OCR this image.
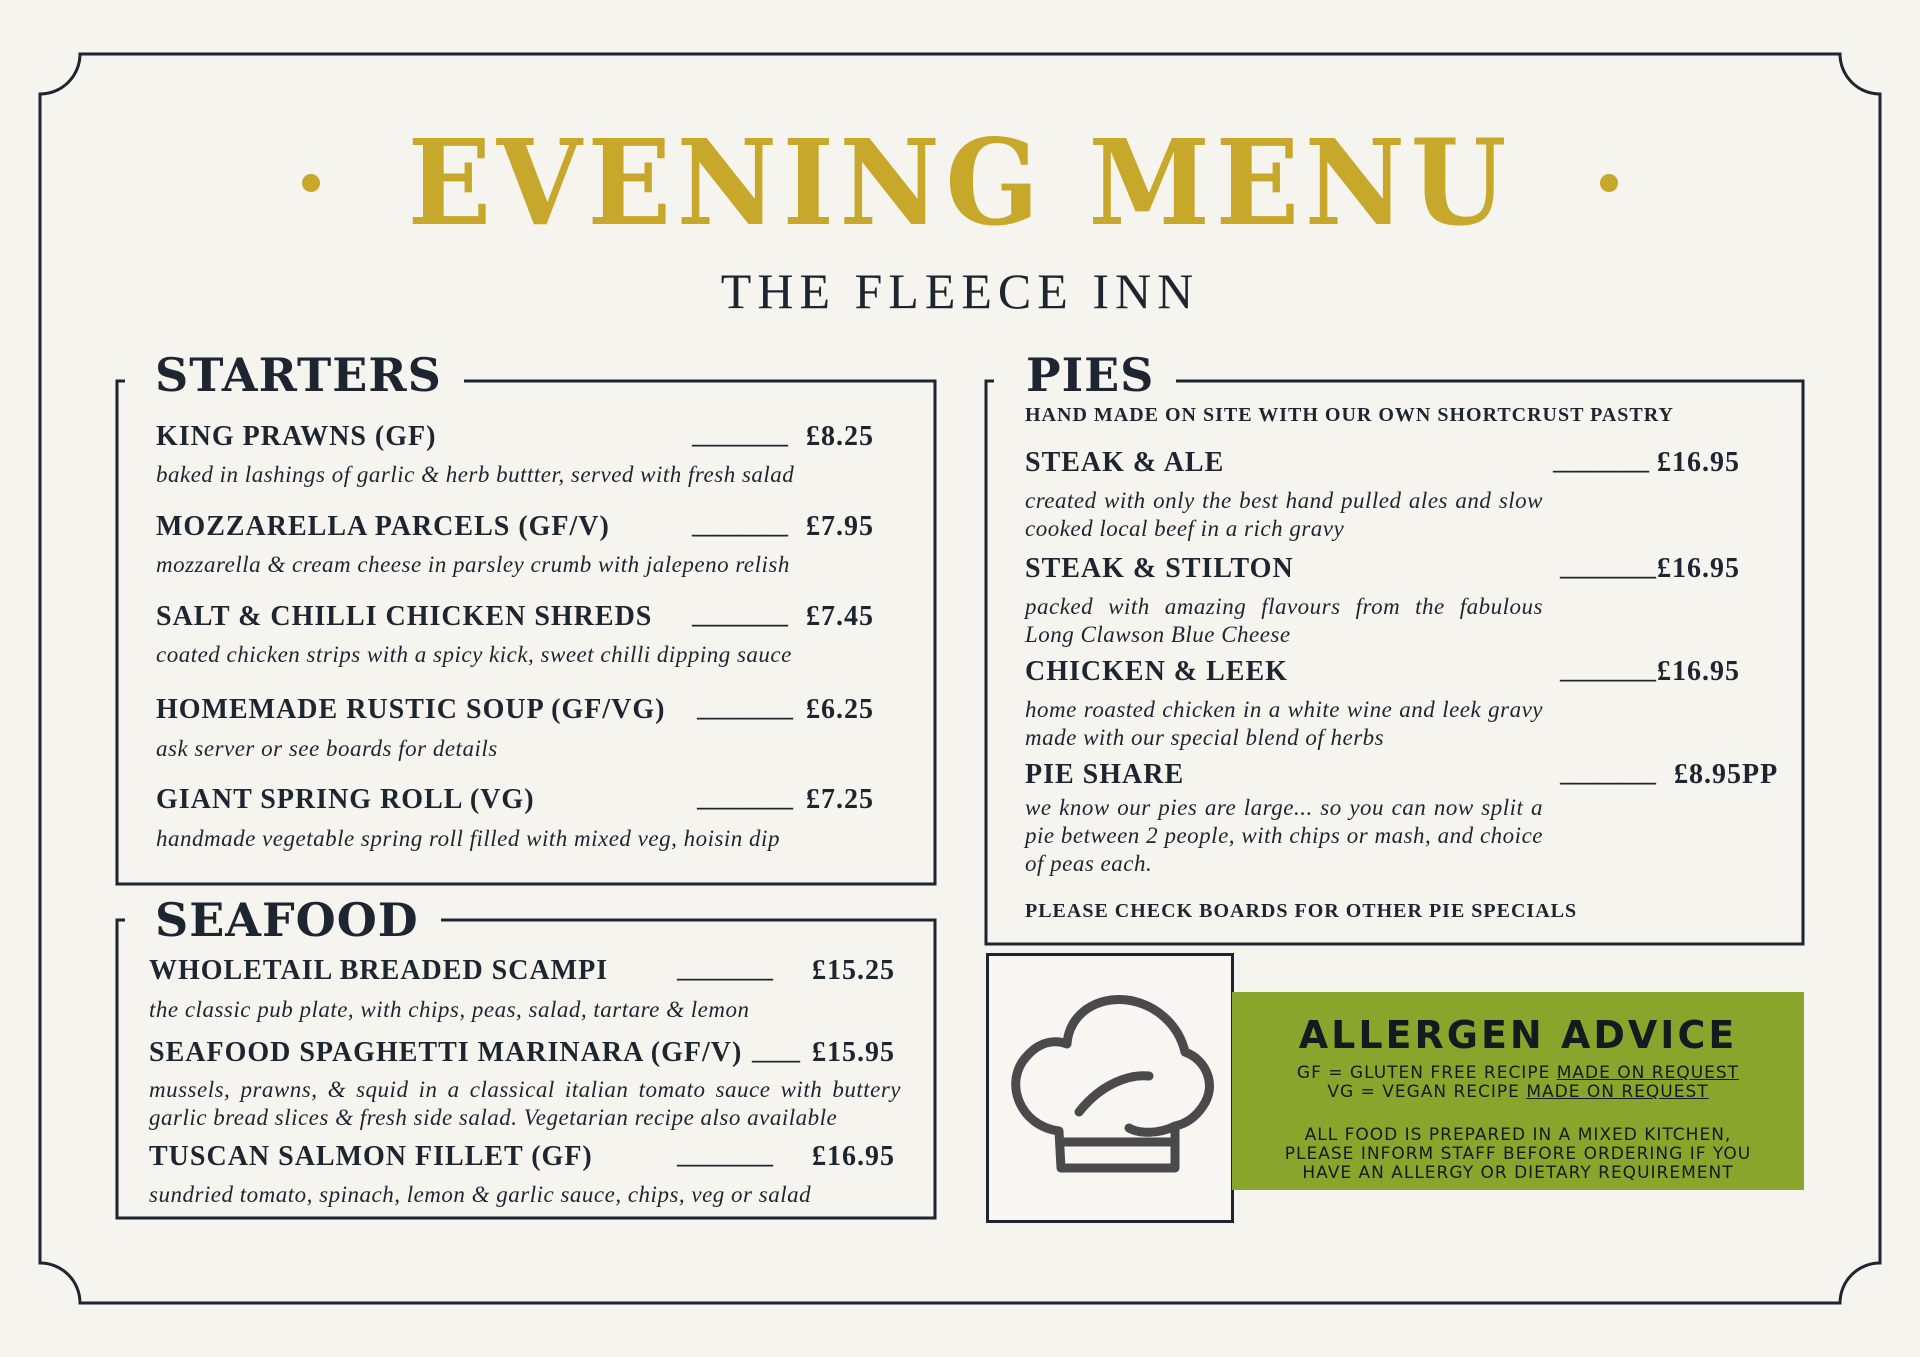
EVENING MENU
THE FLEECE INN
STARTERS
KING PRAWNS (GF)	________ £8.25
baked in lashings of garlic & herb buttter, served with fresh salad
MOZZARELLA PARCELS (GF/V)	________ £7.95
mozzarella & cream cheese in parsley crumb with jalepeno relish
SALT & CHILLI CHICKEN SHREDS ________ £7.45
coated chicken strips with a spicy kick, sweet chilli dipping sauce
HOMEMADE RUSTIC SOUP (GF/VG) ________ £6.25
ask server or see boards for details
GIANT SPRING ROLL (VG)	________ £7.25
handmade vegetable spring roll filled with mixed veg, hoisin dip
SEAFOOD
WHOLETAIL BREADED SCAMPI	________ £15.25
the classic pub plate, with chips, peas, salad, tartare & lemon
SEAFOOD SPAGHETTI MARINARA (GF/V) ____ £15.95
mussels, prawns, & squid in a classical italian tomato sauce with buttery garlic bread slices & fresh side salad. Vegetarian recipe also available
TUSCAN SALMON FILLET (GF)	________ £16.95
sundried tomato, spinach, lemon & garlic sauce, chips, veg or salad
PIES
HAND MADE ON SITE WITH OUR OWN SHORTCRUST PASTRY
STEAK & ALE	________ £16.95
created with only the best hand pulled ales and slow cooked local beef in a rich gravy
STEAK & STILTON	________ £16.95
packed with amazing flavours from the fabulous Long Clawson Blue Cheese
CHICKEN & LEEK	________ £16.95
home roasted chicken in a white wine and leek gravy made with our special blend of herbs
PIE SHARE	________ £8.95PP
we know our pies are large... so you can now split a pie between 2 people, with chips or mash, and choice of peas each.
PLEASE CHECK BOARDS FOR OTHER PIE SPECIALS
ALLERGEN ADVICE
GF = GLUTEN FREE RECIPE MADE ON REQUEST
VG = VEGAN RECIPE MADE ON REQUEST
ALL FOOD IS PREPARED IN A MIXED KITCHEN,
PLEASE INFORM STAFF BEFORE ORDERING IF YOU
HAVE AN ALLERGY OR DIETARY REQUIREMENT
